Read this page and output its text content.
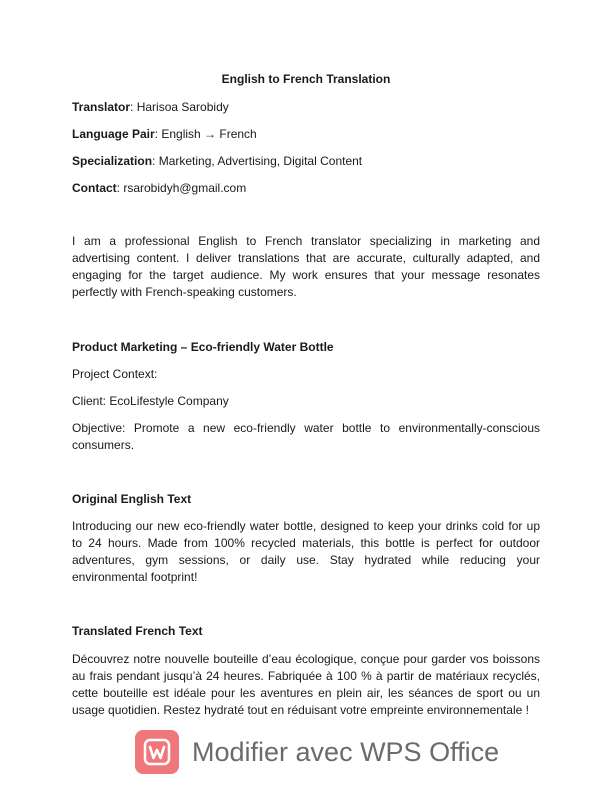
English to French Translation

Translator: Harisoa Sarobidy

Language Pair: English → French

Specialization: Marketing, Advertising, Digital Content

Contact: rsarobidyh@gmail.com

I am a professional English to French translator specializing in marketing and advertising content. I deliver translations that are accurate, culturally adapted, and engaging for the target audience. My work ensures that your message resonates perfectly with French-speaking customers.

Product Marketing – Eco-friendly Water Bottle

Project Context:

Client: EcoLifestyle Company

Objective: Promote a new eco-friendly water bottle to environmentally-conscious consumers.

Original English Text

Introducing our new eco-friendly water bottle, designed to keep your drinks cold for up to 24 hours. Made from 100% recycled materials, this bottle is perfect for outdoor adventures, gym sessions, or daily use. Stay hydrated while reducing your environmental footprint!

Translated French Text

Découvrez notre nouvelle bouteille d’eau écologique, conçue pour garder vos boissons au frais pendant jusqu’à 24 heures. Fabriquée à 100 % à partir de matériaux recyclés, cette bouteille est idéale pour les aventures en plein air, les séances de sport ou un usage quotidien. Restez hydraté tout en réduisant votre empreinte environnementale !

Modifier avec WPS Office
